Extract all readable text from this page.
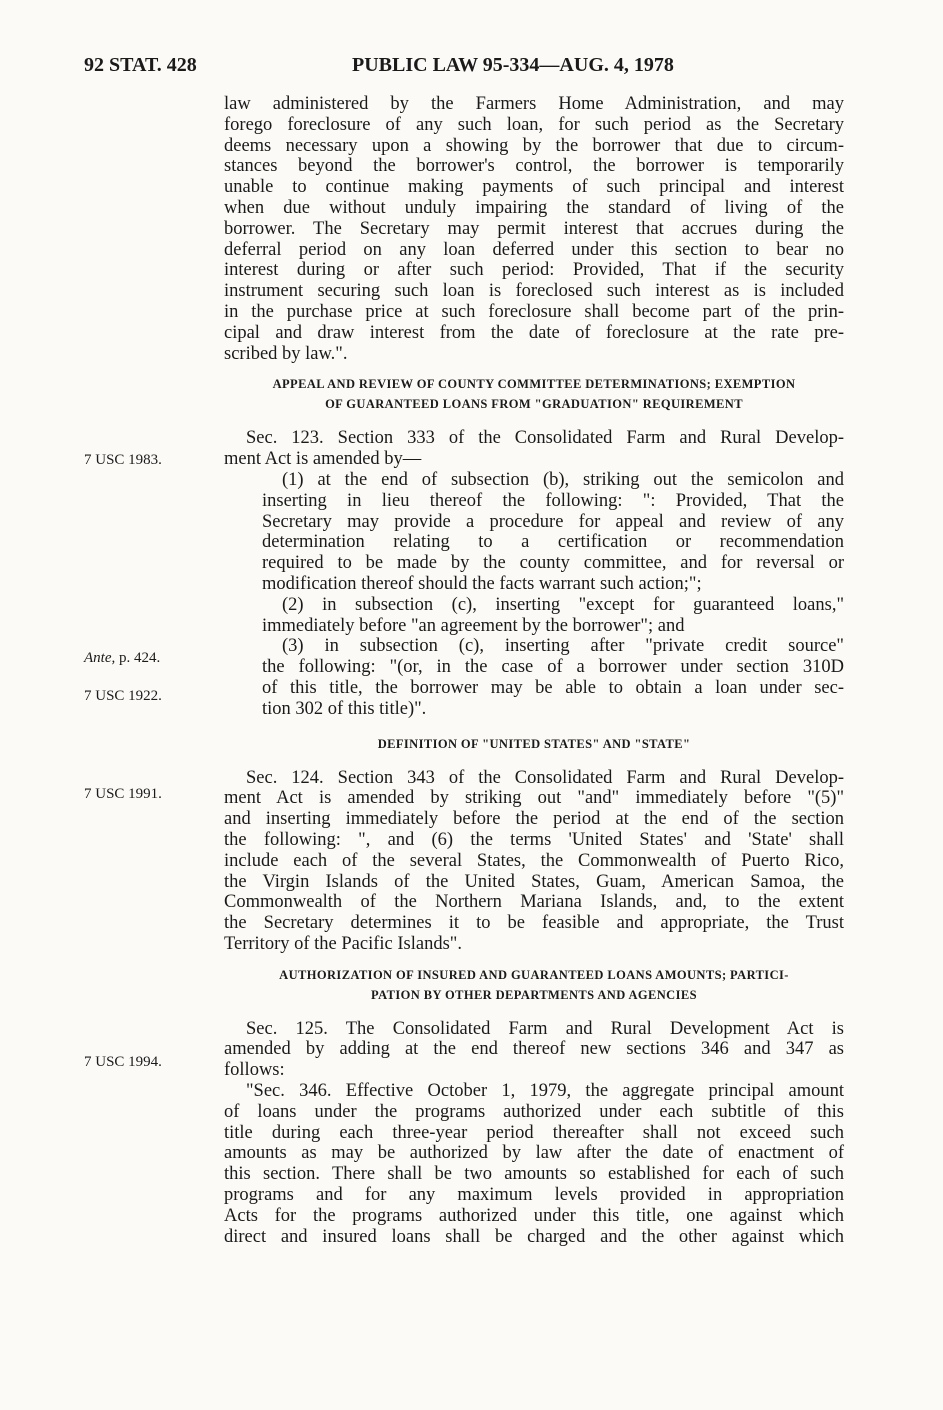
92 STAT. 428	PUBLIC LAW 95-334—AUG. 4, 1978
7 USC 1983.
Ante, p. 424.
7 USC 1922.
7 USC 1991.
7 USC 1994.

law administered by the Farmers Home Administration, and may

forego foreclosure of any such loan, for such period as the Secretary

deems necessary upon a showing by the borrower that due to circum-

stances beyond the borrower's control, the borrower is temporarily

unable to continue making payments of such principal and interest

when due without unduly impairing the standard of living of the

borrower. The Secretary may permit interest that accrues during the

deferral period on any loan deferred under this section to bear no

interest during or after such period: Provided, That if the security

instrument securing such loan is foreclosed such interest as is included

in the purchase price at such foreclosure shall become part of the prin-

cipal and draw interest from the date of foreclosure at the rate pre-

scribed by law.".

APPEAL AND REVIEW OF COUNTY COMMITTEE DETERMINATIONS; EXEMPTION
OF GUARANTEED LOANS FROM "GRADUATION" REQUIREMENT

Sec. 123. Section 333 of the Consolidated Farm and Rural Develop-

ment Act is amended by—

(1) at the end of subsection (b), striking out the semicolon and

inserting in lieu thereof the following: ": Provided, That the

Secretary may provide a procedure for appeal and review of any

determination relating to a certification or recommendation

required to be made by the county committee, and for reversal or

modification thereof should the facts warrant such action;";

(2) in subsection (c), inserting "except for guaranteed loans,"

immediately before "an agreement by the borrower"; and

(3) in subsection (c), inserting after "private credit source"

the following: "(or, in the case of a borrower under section 310D

of this title, the borrower may be able to obtain a loan under sec-

tion 302 of this title)".

DEFINITION OF "UNITED STATES" AND "STATE"

Sec. 124. Section 343 of the Consolidated Farm and Rural Develop-

ment Act is amended by striking out "and" immediately before "(5)"

and inserting immediately before the period at the end of the section

the following: ", and (6) the terms 'United States' and 'State' shall

include each of the several States, the Commonwealth of Puerto Rico,

the Virgin Islands of the United States, Guam, American Samoa, the

Commonwealth of the Northern Mariana Islands, and, to the extent

the Secretary determines it to be feasible and appropriate, the Trust

Territory of the Pacific Islands".

AUTHORIZATION OF INSURED AND GUARANTEED LOANS AMOUNTS; PARTICI-
PATION BY OTHER DEPARTMENTS AND AGENCIES

Sec. 125. The Consolidated Farm and Rural Development Act is

amended by adding at the end thereof new sections 346 and 347 as

follows:

"Sec. 346. Effective October 1, 1979, the aggregate principal amount

of loans under the programs authorized under each subtitle of this

title during each three-year period thereafter shall not exceed such

amounts as may be authorized by law after the date of enactment of

this section. There shall be two amounts so established for each of such

programs and for any maximum levels provided in appropriation

Acts for the programs authorized under this title, one against which

direct and insured loans shall be charged and the other against which
